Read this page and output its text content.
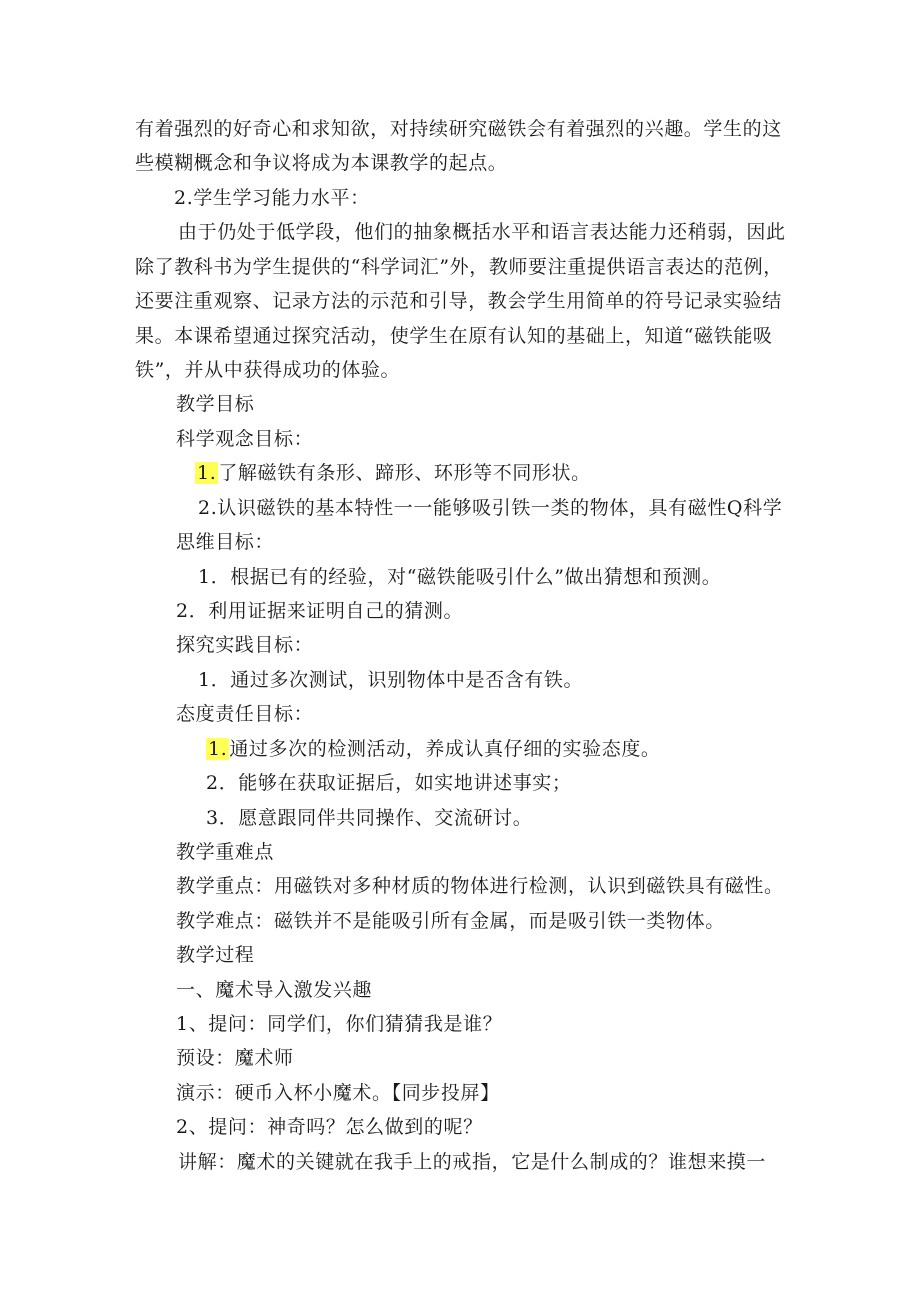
有着强烈的好奇心和求知欲，对持续研究磁铁会有着强烈的兴趣。学生的这
些模糊概念和争议将成为本课教学的起点。
2.学生学习能力水平：
由于仍处于低学段，他们的抽象概括水平和语言表达能力还稍弱，因此
除了教科书为学生提供的“科学词汇”外，教师要注重提供语言表达的范例，
还要注重观察、记录方法的示范和引导，教会学生用简单的符号记录实验结
果。本课希望通过探究活动，使学生在原有认知的基础上，知道“磁铁能吸
铁”，并从中获得成功的体验。
教学目标
科学观念目标：
1. 了解磁铁有条形、蹄形、环形等不同形状。
2.认识磁铁的基本特性一一能够吸引铁一类的物体，具有磁性Q科学
思维目标：
1．根据已有的经验，对“磁铁能吸引什么”做出猜想和预测。
2．利用证据来证明自己的猜测。
探究实践目标：
1．通过多次测试，识别物体中是否含有铁。
态度责任目标：
1. 通过多次的检测活动，养成认真仔细的实验态度。
2．能够在获取证据后，如实地讲述事实；
3．愿意跟同伴共同操作、交流研讨。
教学重难点
教学重点：用磁铁对多种材质的物体进行检测，认识到磁铁具有磁性。
教学难点：磁铁并不是能吸引所有金属，而是吸引铁一类物体。
教学过程
一、魔术导入激发兴趣
1、提问：同学们，你们猜猜我是谁？
预设：魔术师
演示：硬币入杯小魔术。【同步投屏】
2、提问：神奇吗？怎么做到的呢？
讲解：魔术的关键就在我手上的戒指，它是什么制成的？谁想来摸一
